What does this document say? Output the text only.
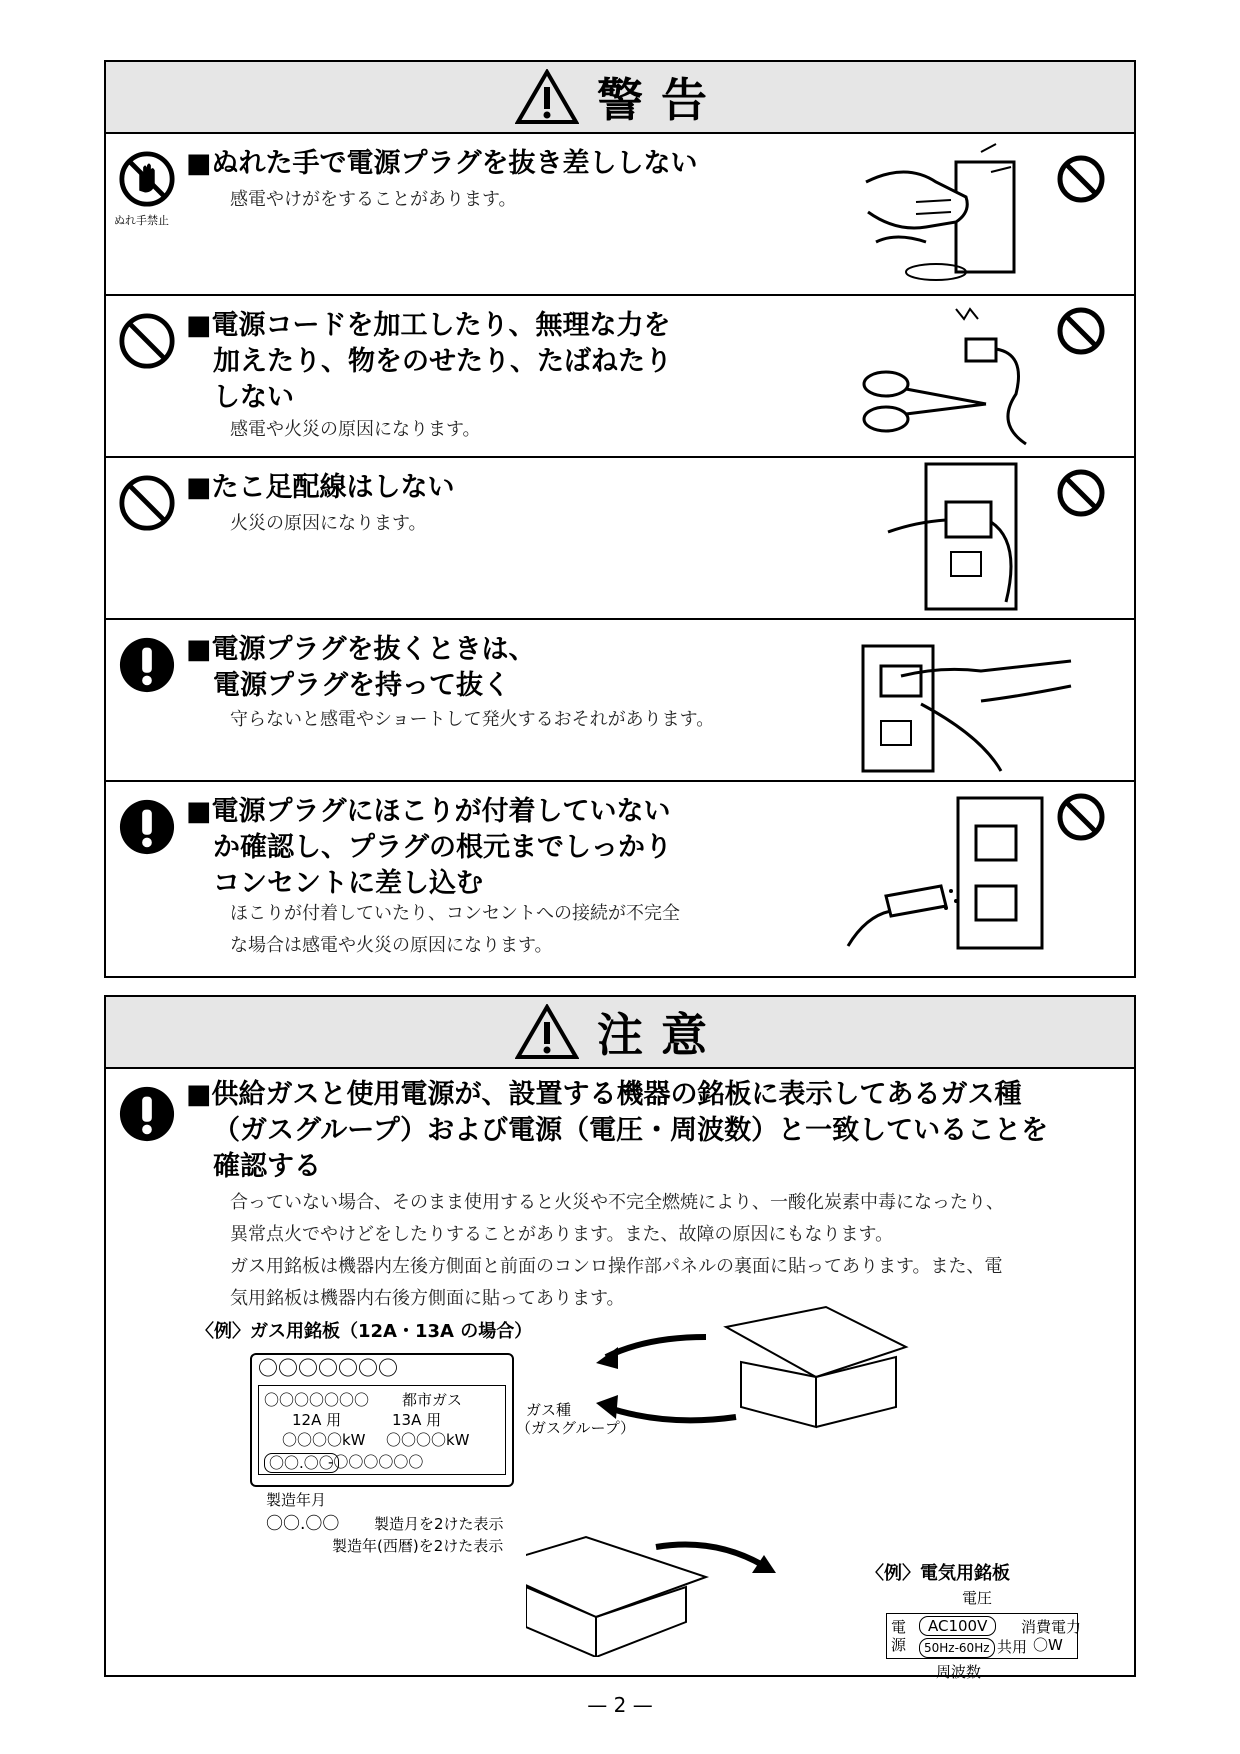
警告
ぬれ手禁止
■ぬれた手で電源プラグを抜き差ししない
感電やけがをすることがあります。
■電源コードを加工したり、無理な力を
加えたり、物をのせたり、たばねたり
しない
感電や火災の原因になります。
■たこ足配線はしない
火災の原因になります。
■電源プラグを抜くときは、
電源プラグを持って抜く
守らないと感電やショートして発火するおそれがあります。
■電源プラグにほこりが付着していない
か確認し、プラグの根元までしっかり
コンセントに差し込む
ほこりが付着していたり、コンセントへの接続が不完全
な場合は感電や火災の原因になります。
注意
■供給ガスと使用電源が、設置する機器の銘板に表示してあるガス種
（ガスグループ）および電源（電圧・周波数）と一致していることを
確認する
合っていない場合、そのまま使用すると火災や不完全燃焼により、一酸化炭素中毒になったり、
異常点火でやけどをしたりすることがあります。また、故障の原因にもなります。
ガス用銘板は機器内左後方側面と前面のコンロ操作部パネルの裏面に貼ってあります。また、電
気用銘板は機器内右後方側面に貼ってあります。
〈例〉ガス用銘板（12A・13A の場合）
〇〇〇〇〇〇〇
〇〇〇〇〇〇〇 都市ガス
12A 用	13A 用
〇〇〇〇kW 〇〇〇〇kW
〇〇.〇〇
-〇〇〇〇〇〇
ガス種
（ガスグループ）
製造年月
〇〇.〇〇 製造月を2けた表示
製造年(西暦)を2けた表示
〈例〉電気用銘板
電圧
電
源
AC100V
50Hz-60Hz 共用
消費電力
〇W
周波数
— 2 —
